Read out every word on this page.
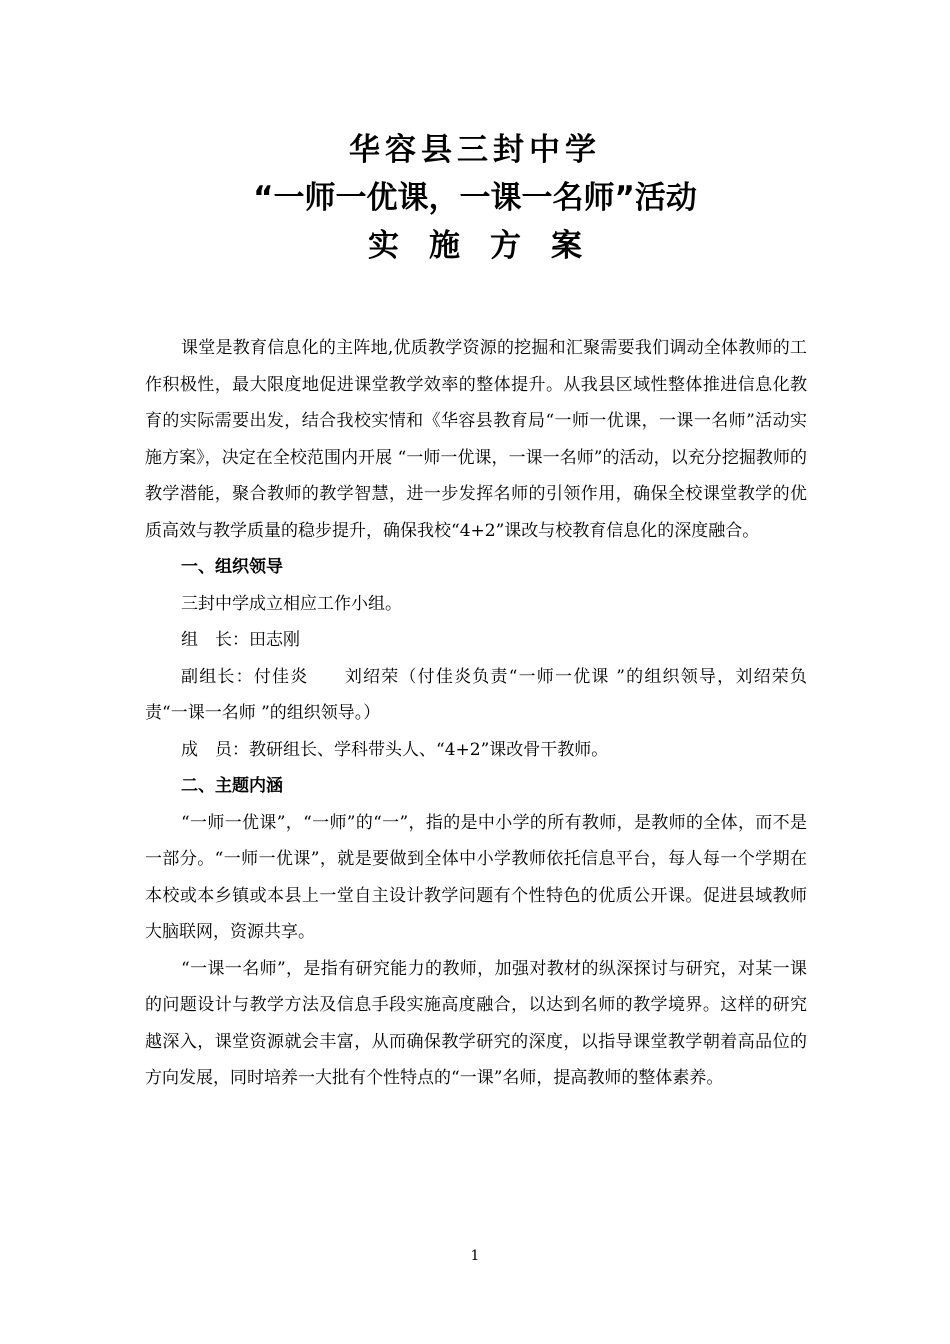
华容县三封中学

“一师一优课，一课一名师”活动

实施方案

课堂是教育信息化的主阵地,优质教学资源的挖掘和汇聚需要我们调动全体教师的工作积极性，最大限度地促进课堂教学效率的整体提升。从我县区域性整体推进信息化教育的实际需要出发，结合我校实情和《华容县教育局“一师一优课，一课一名师”活动实施方案》，决定在全校范围内开展 “一师一优课，一课一名师”的活动，以充分挖掘教师的教学潜能，聚合教师的教学智慧，进一步发挥名师的引领作用，确保全校课堂教学的优质高效与教学质量的稳步提升，确保我校“4+2”课改与校教育信息化的深度融合。

一、组织领导

三封中学成立相应工作小组。

组　长：田志刚

副组长：付佳炎　　刘绍荣（付佳炎负责“一师一优课 ”的组织领导，刘绍荣负责“一课一名师 ”的组织领导。）

成　员：教研组长、学科带头人、“4+2”课改骨干教师。

二、主题内涵

“一师一优课”，“一师”的“一”，指的是中小学的所有教师，是教师的全体，而不是一部分。“一师一优课”，就是要做到全体中小学教师依托信息平台，每人每一个学期在本校或本乡镇或本县上一堂自主设计教学问题有个性特色的优质公开课。促进县域教师大脑联网，资源共享。

“一课一名师”，是指有研究能力的教师，加强对教材的纵深探讨与研究，对某一课的问题设计与教学方法及信息手段实施高度融合，以达到名师的教学境界。这样的研究越深入，课堂资源就会丰富，从而确保教学研究的深度，以指导课堂教学朝着高品位的方向发展，同时培养一大批有个性特点的“一课”名师，提高教师的整体素养。

1
